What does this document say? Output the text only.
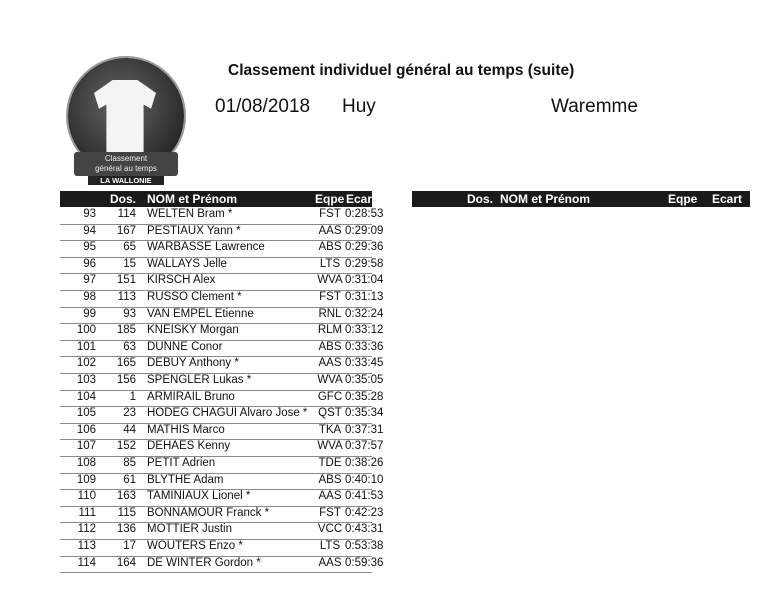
Classement
général au temps
LA WALLONIE
Classement individuel général au temps (suite)
01/08/2018 Huy	Waremme
Dos. NOM et Prénom	Eqpe Ecart	Dos. NOM et Prénom	Eqpe Ecart
93 114 WELTEN Bram *	FST 0:28:53
94 167 PESTIAUX Yann *	AAS 0:29:09
95 65 WARBASSE Lawrence	ABS 0:29:36
96 15 WALLAYS Jelle	LTS 0:29:58
97 151 KIRSCH Alex	WVA 0:31:04
98 113 RUSSO Clement *	FST 0:31:13
99 93 VAN EMPEL Etienne	RNL 0:32:24
100 185 KNEISKY Morgan	RLM 0:33:12
101 63 DUNNE Conor	ABS 0:33:36
102 165 DEBUY Anthony *	AAS 0:33:45
103 156 SPENGLER Lukas *	WVA 0:35:05
104	1 ARMIRAIL Bruno	GFC 0:35:28
105 23 HODEG CHAGUI Alvaro Jose * QST 0:35:34
106 44 MATHIS Marco	TKA 0:37:31
107 152 DEHAES Kenny	WVA 0:37:57
108 85 PETIT Adrien	TDE 0:38:26
109 61 BLYTHE Adam	ABS 0:40:10
110 163 TAMINIAUX Lionel *	AAS 0:41:53
111 115 BONNAMOUR Franck *	FST 0:42:23
112 136 MOTTIER Justin	VCC 0:43:31
113 17 WOUTERS Enzo *	LTS 0:53:38
114 164 DE WINTER Gordon *	AAS 0:59:36
